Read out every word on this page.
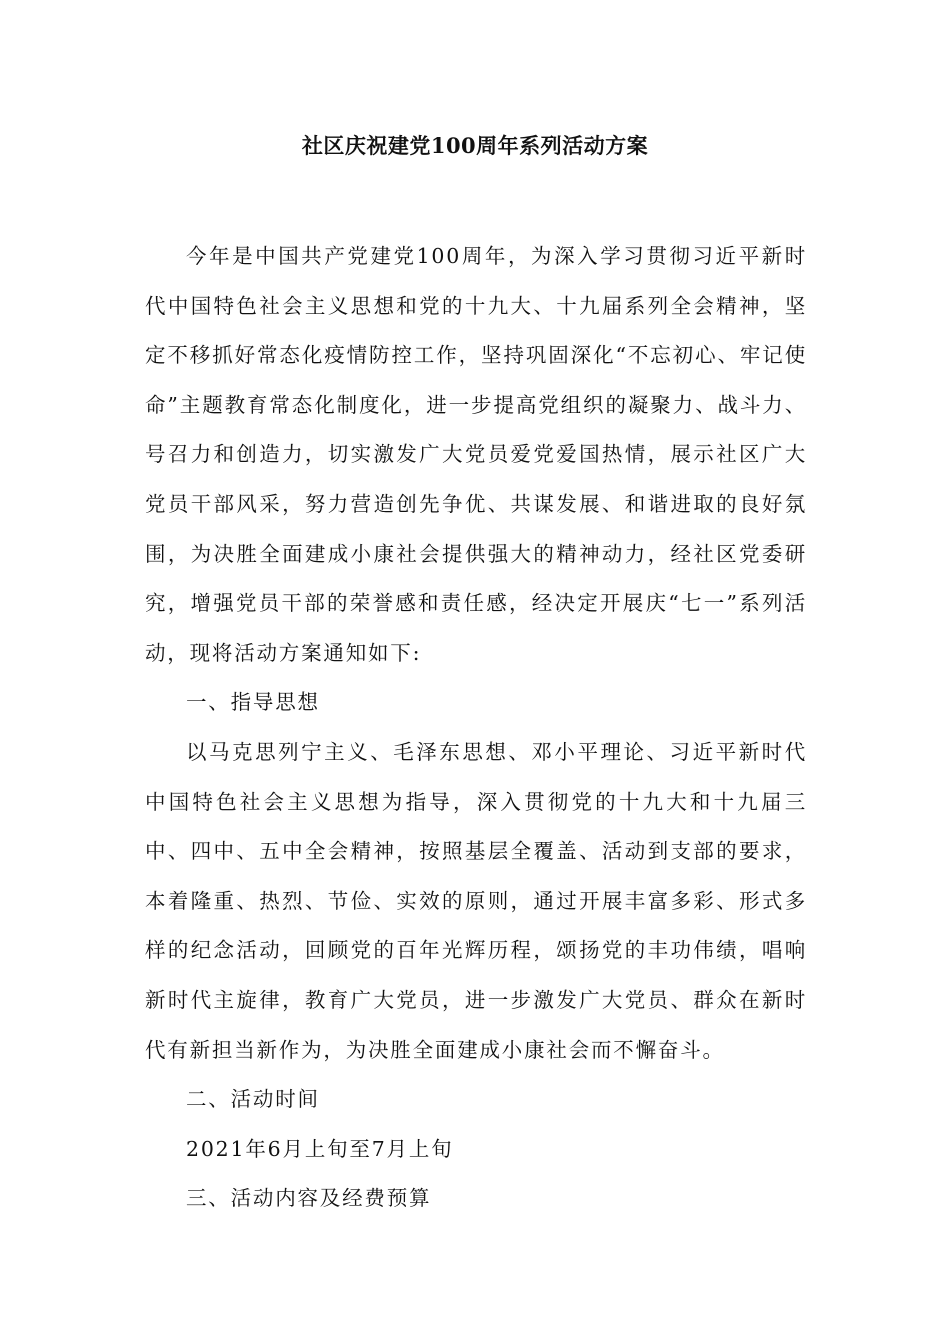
社区庆祝建党100周年系列活动方案

今年是中国共产党建党100周年，为深入学习贯彻习近平新时代中国特色社会主义思想和党的十九大、十九届系列全会精神，坚定不移抓好常态化疫情防控工作，坚持巩固深化“不忘初心、牢记使命”主题教育常态化制度化，进一步提高党组织的凝聚力、战斗力、号召力和创造力，切实激发广大党员爱党爱国热情，展示社区广大党员干部风采，努力营造创先争优、共谋发展、和谐进取的良好氛围，为决胜全面建成小康社会提供强大的精神动力，经社区党委研究，增强党员干部的荣誉感和责任感，经决定开展庆“七一”系列活动，现将活动方案通知如下:

一、指导思想

以马克思列宁主义、毛泽东思想、邓小平理论、习近平新时代中国特色社会主义思想为指导，深入贯彻党的十九大和十九届三中、四中、五中全会精神，按照基层全覆盖、活动到支部的要求，本着隆重、热烈、节俭、实效的原则，通过开展丰富多彩、形式多样的纪念活动，回顾党的百年光辉历程，颂扬党的丰功伟绩，唱响新时代主旋律，教育广大党员，进一步激发广大党员、群众在新时代有新担当新作为，为决胜全面建成小康社会而不懈奋斗。

二、活动时间

2021年6月上旬至7月上旬

三、活动内容及经费预算
